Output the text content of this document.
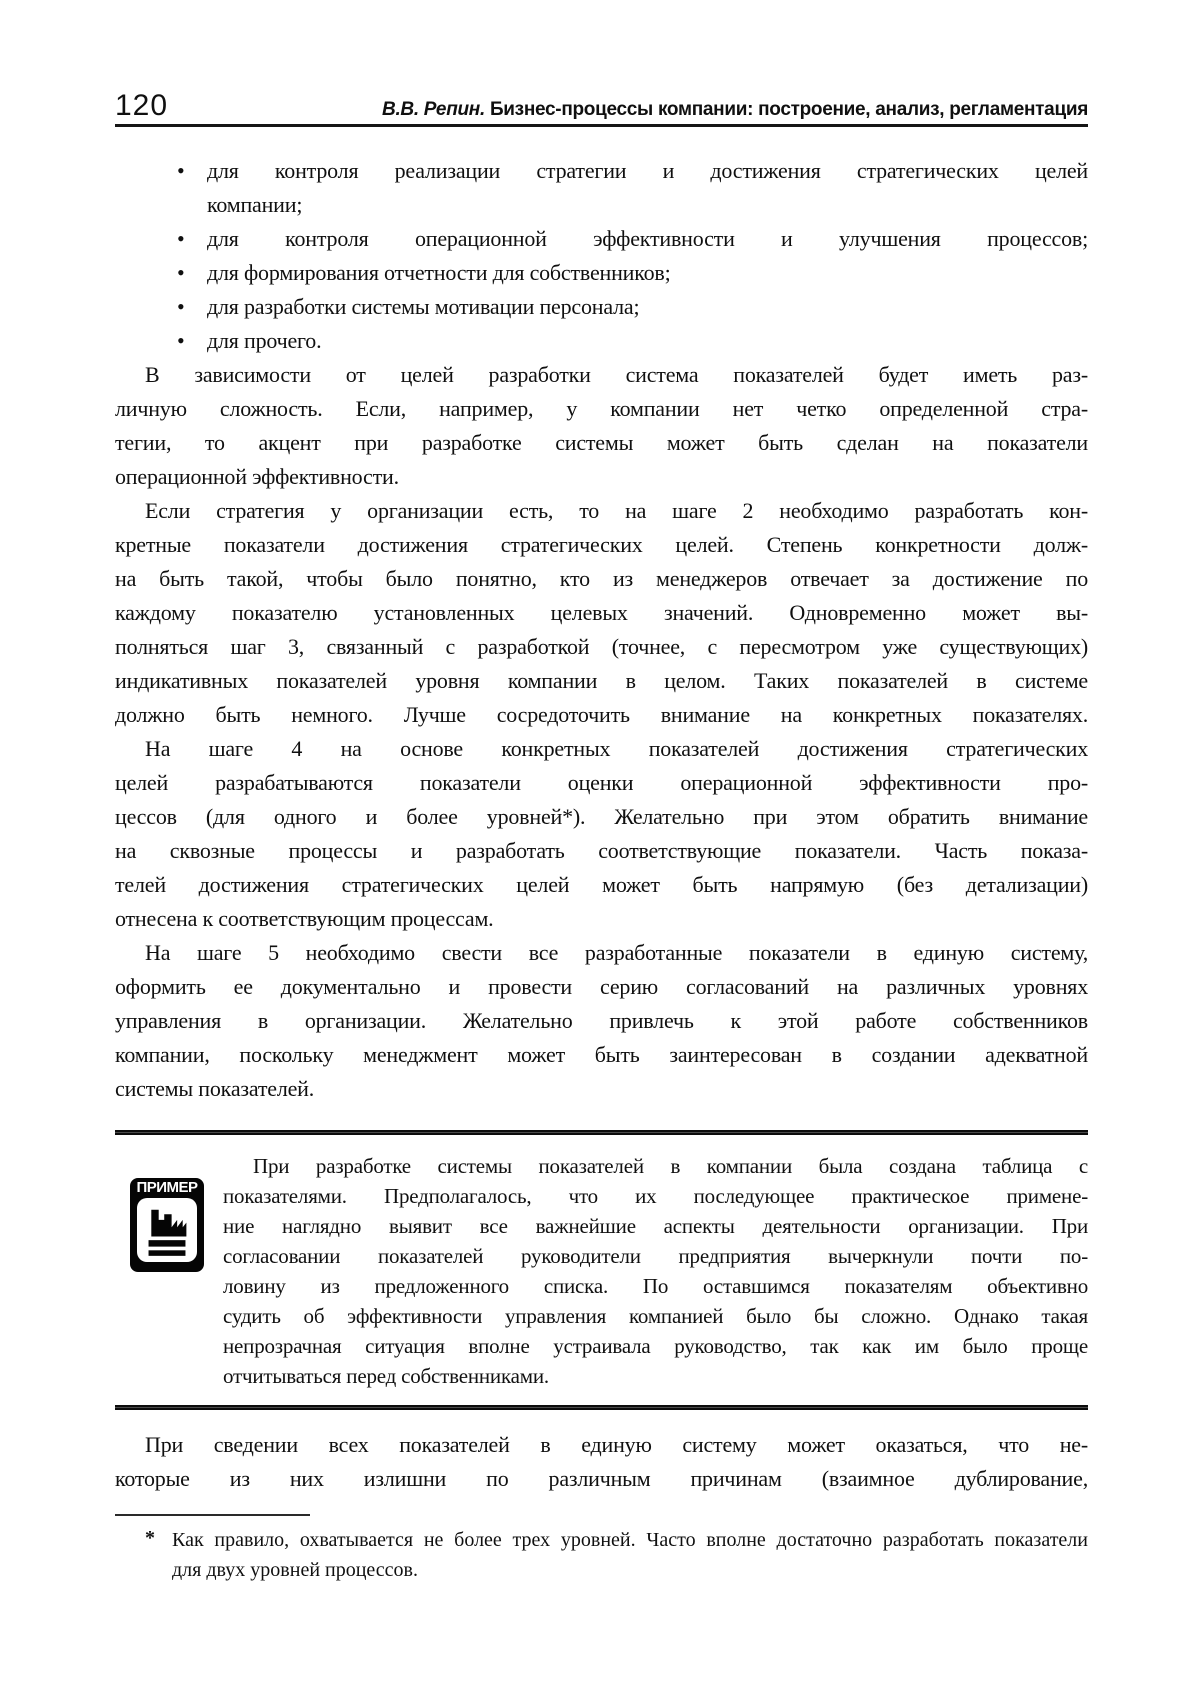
120	В.В. Репин. Бизнес-процессы компании: построение, анализ, регламентация
• для контроля реализации стратегии и достижения стратегических целей
компании;
• для контроля операционной эффективности и улучшения процессов;
• для формирования отчетности для собственников;
• для разработки системы мотивации персонала;
• для прочего.
В зависимости от целей разработки система показателей будет иметь раз-
личную сложность. Если, например, у компании нет четко определенной стра-
тегии, то акцент при разработке системы может быть сделан на показатели
операционной эффективности.
Если стратегия у организации есть, то на шаге 2 необходимо разработать кон-
кретные показатели достижения стратегических целей. Степень конкретности долж-
на быть такой, чтобы было понятно, кто из менеджеров отвечает за достижение по
каждому показателю установленных целевых значений. Одновременно может вы-
полняться шаг 3, связанный с разработкой (точнее, с пересмотром уже существующих)
индикативных показателей уровня компании в целом. Таких показателей в системе
должно быть немного. Лучше сосредоточить внимание на конкретных показателях.
На шаге 4 на основе конкретных показателей достижения стратегических
целей разрабатываются показатели оценки операционной эффективности про-
цессов (для одного и более уровней*). Желательно при этом обратить внимание
на сквозные процессы и разработать соответствующие показатели. Часть показа-
телей достижения стратегических целей может быть напрямую (без детализации)
отнесена к соответствующим процессам.
На шаге 5 необходимо свести все разработанные показатели в единую систему,
оформить ее документально и провести серию согласований на различных уровнях
управления в организации. Желательно привлечь к этой работе собственников
компании, поскольку менеджмент может быть заинтересован в создании адекватной
системы показателей.
ПРИМЕР
При разработке системы показателей в компании была создана таблица с
показателями. Предполагалось, что их последующее практическое примене-
ние наглядно выявит все важнейшие аспекты деятельности организации. При
согласовании показателей руководители предприятия вычеркнули почти по-
ловину из предложенного списка. По оставшимся показателям объективно
судить об эффективности управления компанией было бы сложно. Однако такая
непрозрачная ситуация вполне устраивала руководство, так как им было проще
отчитываться перед собственниками.
При сведении всех показателей в единую систему может оказаться, что не-
которые из них излишни по различным причинам (взаимное дублирование,
* Как правило, охватывается не более трех уровней. Часто вполне достаточно разработать показатели
для двух уровней процессов.
